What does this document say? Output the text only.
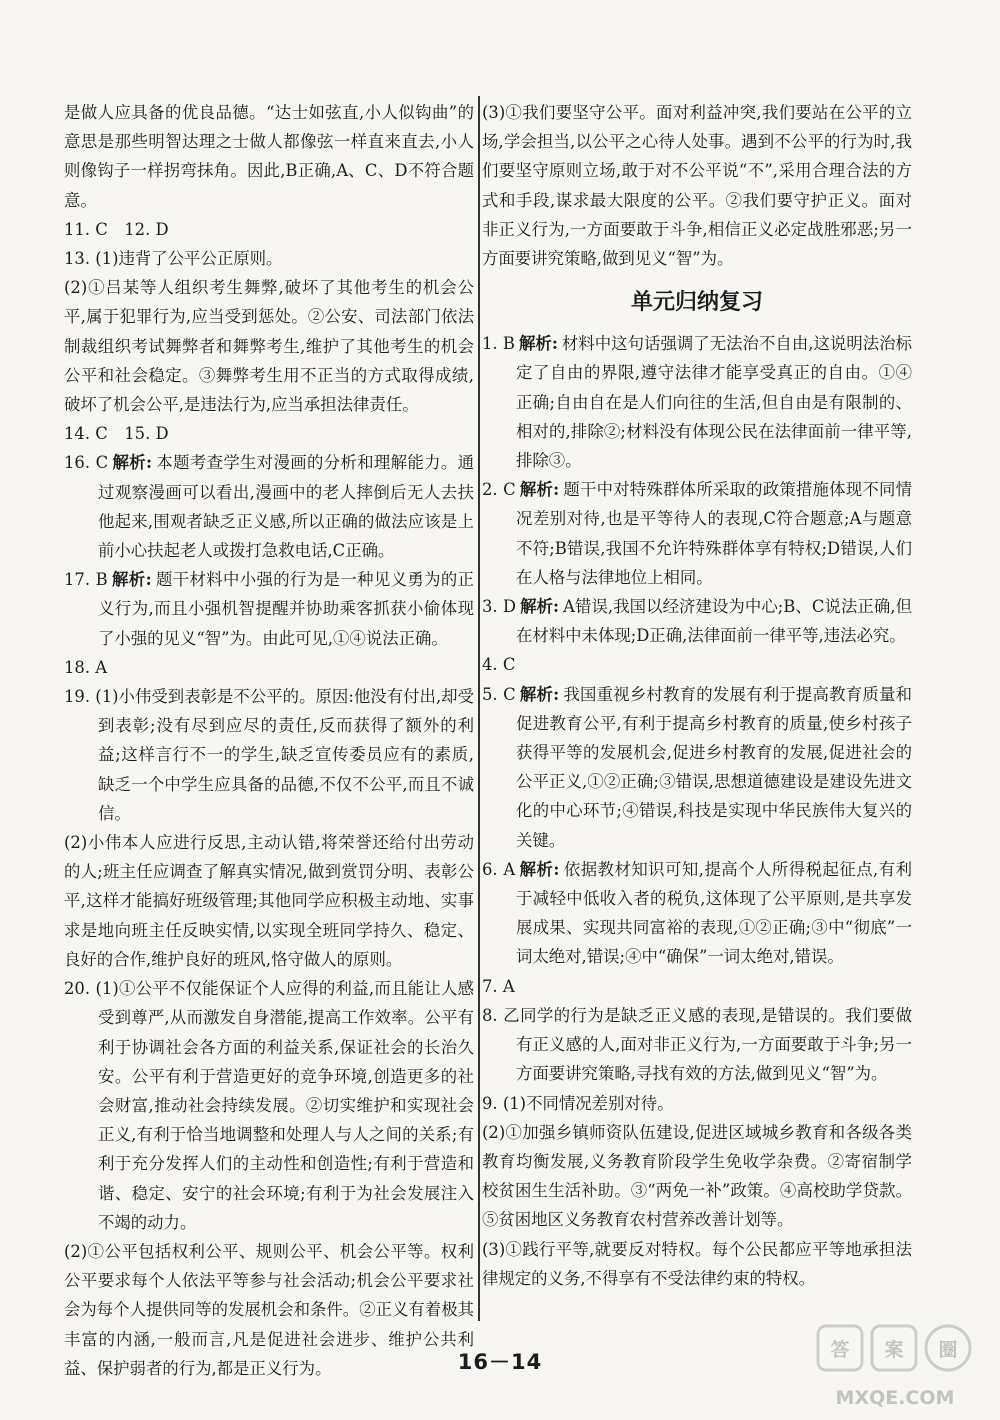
是做人应具备的优良品德。“达士如弦直,小人似钩曲”的意思是那些明智达理之士做人都像弦一样直来直去,小人则像钩子一样拐弯抹角。因此,B正确,A、C、D不符合题意。

11. C　12. D

13. (1)违背了公平公正原则。

(2)①吕某等人组织考生舞弊,破坏了其他考生的机会公平,属于犯罪行为,应当受到惩处。②公安、司法部门依法制裁组织考试舞弊者和舞弊考生,维护了其他考生的机会公平和社会稳定。③舞弊考生用不正当的方式取得成绩,破坏了机会公平,是违法行为,应当承担法律责任。

14. C　15. D

16. C 解析: 本题考查学生对漫画的分析和理解能力。通过观察漫画可以看出,漫画中的老人摔倒后无人去扶他起来,围观者缺乏正义感,所以正确的做法应该是上前小心扶起老人或拨打急救电话,C正确。

17. B 解析: 题干材料中小强的行为是一种见义勇为的正义行为,而且小强机智提醒并协助乘客抓获小偷体现了小强的见义“智”为。由此可见,①④说法正确。

18. A

19. (1)小伟受到表彰是不公平的。原因:他没有付出,却受到表彰;没有尽到应尽的责任,反而获得了额外的利益;这样言行不一的学生,缺乏宣传委员应有的素质,缺乏一个中学生应具备的品德,不仅不公平,而且不诚信。

(2)小伟本人应进行反思,主动认错,将荣誉还给付出劳动的人;班主任应调查了解真实情况,做到赏罚分明、表彰公平,这样才能搞好班级管理;其他同学应积极主动地、实事求是地向班主任反映实情,以实现全班同学持久、稳定、良好的合作,维护良好的班风,恪守做人的原则。

20. (1)①公平不仅能保证个人应得的利益,而且能让人感受到尊严,从而激发自身潜能,提高工作效率。公平有利于协调社会各方面的利益关系,保证社会的长治久安。公平有利于营造更好的竞争环境,创造更多的社会财富,推动社会持续发展。②切实维护和实现社会正义,有利于恰当地调整和处理人与人之间的关系;有利于充分发挥人们的主动性和创造性;有利于营造和谐、稳定、安宁的社会环境;有利于为社会发展注入不竭的动力。

(2)①公平包括权利公平、规则公平、机会公平等。权利公平要求每个人依法平等参与社会活动;机会公平要求社会为每个人提供同等的发展机会和条件。②正义有着极其丰富的内涵,一般而言,凡是促进社会进步、维护公共利益、保护弱者的行为,都是正义行为。

(3)①我们要坚守公平。面对利益冲突,我们要站在公平的立场,学会担当,以公平之心待人处事。遇到不公平的行为时,我们要坚守原则立场,敢于对不公平说“不”,采用合理合法的方式和手段,谋求最大限度的公平。②我们要守护正义。面对非正义行为,一方面要敢于斗争,相信正义必定战胜邪恶;另一方面要讲究策略,做到见义“智”为。

单元归纳复习

1. B 解析: 材料中这句话强调了无法治不自由,这说明法治标定了自由的界限,遵守法律才能享受真正的自由。①④正确;自由自在是人们向往的生活,但自由是有限制的、相对的,排除②;材料没有体现公民在法律面前一律平等,排除③。

2. C 解析: 题干中对特殊群体所采取的政策措施体现不同情况差别对待,也是平等待人的表现,C符合题意;A与题意不符;B错误,我国不允许特殊群体享有特权;D错误,人们在人格与法律地位上相同。

3. D 解析: A错误,我国以经济建设为中心;B、C说法正确,但在材料中未体现;D正确,法律面前一律平等,违法必究。

4. C

5. C 解析: 我国重视乡村教育的发展有利于提高教育质量和促进教育公平,有利于提高乡村教育的质量,使乡村孩子获得平等的发展机会,促进乡村教育的发展,促进社会的公平正义,①②正确;③错误,思想道德建设是建设先进文化的中心环节;④错误,科技是实现中华民族伟大复兴的关键。

6. A 解析: 依据教材知识可知,提高个人所得税起征点,有利于减轻中低收入者的税负,这体现了公平原则,是共享发展成果、实现共同富裕的表现,①②正确;③中“彻底”一词太绝对,错误;④中“确保”一词太绝对,错误。

7. A

8. 乙同学的行为是缺乏正义感的表现,是错误的。我们要做有正义感的人,面对非正义行为,一方面要敢于斗争;另一方面要讲究策略,寻找有效的方法,做到见义“智”为。

9. (1)不同情况差别对待。

(2)①加强乡镇师资队伍建设,促进区域城乡教育和各级各类教育均衡发展,义务教育阶段学生免收学杂费。②寄宿制学校贫困生生活补助。③“两免一补”政策。④高校助学贷款。⑤贫困地区义务教育农村营养改善计划等。

(3)①践行平等,就要反对特权。每个公民都应平等地承担法律规定的义务,不得享有不受法律约束的特权。

16－14	答 案 圈
MXQE.COM
